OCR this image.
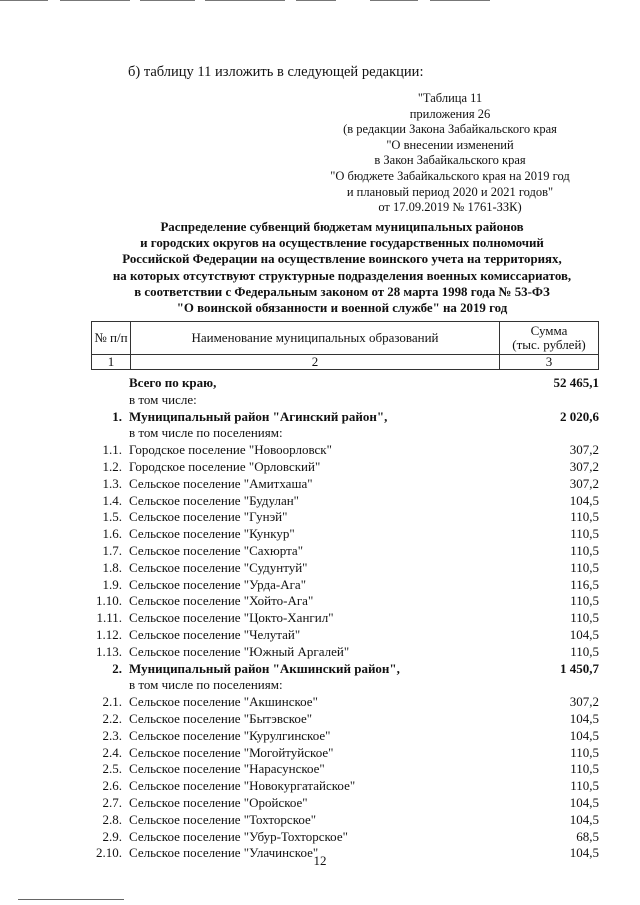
б) таблицу 11 изложить в следующей редакции:
"Таблица 11
приложения 26
(в редакции Закона Забайкальского края
"О внесении изменений
в Закон Забайкальского края
"О бюджете Забайкальского края на 2019 год
и плановый период 2020 и 2021 годов"
от 17.09.2019 № 1761-ЗЗК)
Распределение субвенций бюджетам муниципальных районов
и городских округов на осуществление государственных полномочий
Российской Федерации на осуществление воинского учета на территориях,
на которых отсутствуют структурные подразделения военных комиссариатов,
в соответствии с Федеральным законом от 28 марта 1998 года № 53-ФЗ
"О воинской обязанности и военной службе" на 2019 год
№ п/п	Наименование муниципальных образований	Сумма
(тыс. рублей)

1	2	3
Всего по краю,	52 465,1
в том числе:
1. Муниципальный район "Агинский район",	2 020,6
в том числе по поселениям:
1.1. Городское поселение "Новоорловск"	307,2
1.2. Городское поселение "Орловский"	307,2
1.3. Сельское поселение "Амитхаша"	307,2
1.4. Сельское поселение "Будулан"	104,5
1.5. Сельское поселение "Гунэй"	110,5
1.6. Сельское поселение "Кункур"	110,5
1.7. Сельское поселение "Сахюрта"	110,5
1.8. Сельское поселение "Судунтуй"	110,5
1.9. Сельское поселение "Урда-Ага"	116,5
1.10. Сельское поселение "Хойто-Ага"	110,5
1.11. Сельское поселение "Цокто-Хангил"	110,5
1.12. Сельское поселение "Челутай"	104,5
1.13. Сельское поселение "Южный Аргалей"	110,5
2. Муниципальный район "Акшинский район",	1 450,7
в том числе по поселениям:
2.1. Сельское поселение "Акшинское"	307,2
2.2. Сельское поселение "Бытэвское"	104,5
2.3. Сельское поселение "Курулгинское"	104,5
2.4. Сельское поселение "Могойтуйское"	110,5
2.5. Сельское поселение "Нарасунское"	110,5
2.6. Сельское поселение "Новокургатайское"	110,5
2.7. Сельское поселение "Оройское"	104,5
2.8. Сельское поселение "Тохторское"	104,5
2.9. Сельское поселение "Убур-Тохторское"	68,5
2.10. Сельское поселение "Улачинское"	104,5
12
